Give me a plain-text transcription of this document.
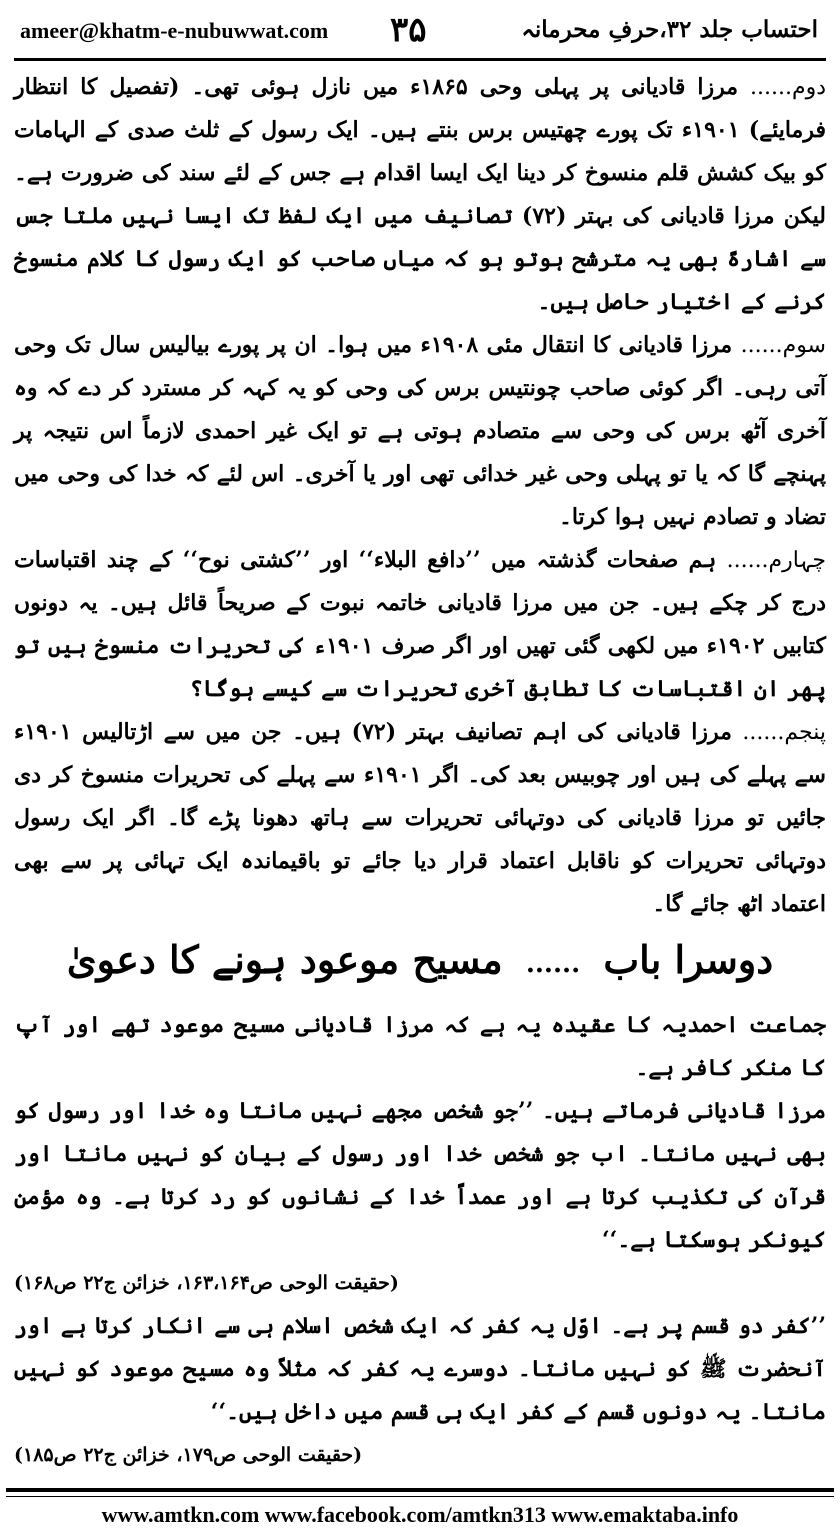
ameer@khatm-e-nubuwwat.com ۳۵	احتساب جلد ۳۲،حرفِ محرمانہ

دوم...... مرزا قادیانی پر پہلی وحی ۱۸۶۵ء میں نازل ہوئی تھی۔ (تفصیل کا انتظار فرمایئے) ۱۹۰۱ء تک پورے چھتیس برس بنتے ہیں۔ ایک رسول کے ثلث صدی کے الہامات کو بیک کشش قلم منسوخ کر دینا ایک ایسا اقدام ہے جس کے لئے سند کی ضرورت ہے۔ لیکن مرزا قادیانی کی بہتر (۷۲) تصانیف میں ایک لفظ تک ایسا نہیں ملتا جس سے اشارۃً بھی یہ مترشح ہوتو ہو کہ میاں صاحب کو ایک رسول کا کلام منسوخ کرنے کے اختیار حاصل ہیں۔

سوم...... مرزا قادیانی کا انتقال مئی ۱۹۰۸ء میں ہوا۔ ان پر پورے بیالیس سال تک وحی آتی رہی۔ اگر کوئی صاحب چونتیس برس کی وحی کو یہ کہہ کر مسترد کر دے کہ وہ آخری آٹھ برس کی وحی سے متصادم ہوتی ہے تو ایک غیر احمدی لازماً اس نتیجہ پر پہنچے گا کہ یا تو پہلی وحی غیر خدائی تھی اور یا آخری۔ اس لئے کہ خدا کی وحی میں تضاد و تصادم نہیں ہوا کرتا۔

چہارم...... ہم صفحات گذشتہ میں ’’دافع البلاء‘‘ اور ’’کشتی نوح‘‘ کے چند اقتباسات درج کر چکے ہیں۔ جن میں مرزا قادیانی خاتمہ نبوت کے صریحاً قائل ہیں۔ یہ دونوں کتابیں ۱۹۰۲ء میں لکھی گئی تھیں اور اگر صرف ۱۹۰۱ء کی تحریرات منسوخ ہیں تو پھر ان اقتباسات کا تطابق آخری تحریرات سے کیسے ہوگا؟

پنجم...... مرزا قادیانی کی اہم تصانیف بہتر (۷۲) ہیں۔ جن میں سے اڑتالیس ۱۹۰۱ء سے پہلے کی ہیں اور چوبیس بعد کی۔ اگر ۱۹۰۱ء سے پہلے کی تحریرات منسوخ کر دی جائیں تو مرزا قادیانی کی دوتہائی تحریرات سے ہاتھ دھونا پڑے گا۔ اگر ایک رسول دوتہائی تحریرات کو ناقابل اعتماد قرار دیا جائے تو باقیماندہ ایک تہائی پر سے بھی اعتماد اٹھ جائے گا۔

دوسرا باب ...... مسیح موعود ہونے کا دعویٰ

جماعت احمدیہ کا عقیدہ یہ ہے کہ مرزا قادیانی مسیح موعود تھے اور آپ کا منکر کافر ہے۔

مرزا قادیانی فرماتے ہیں۔ ’’جو شخص مجھے نہیں مانتا وہ خدا اور رسول کو بھی نہیں مانتا۔ اب جو شخص خدا اور رسول کے بیان کو نہیں مانتا اور قرآن کی تکذیب کرتا ہے اور عمداً خدا کے نشانوں کو رد کرتا ہے۔ وہ مؤمن کیونکر ہوسکتا ہے۔‘‘

(حقیقت الوحی ص۱۶۳،۱۶۴، خزائن ج۲۲ ص۱۶۸)

’’کفر دو قسم پر ہے۔ اوّل یہ کفر کہ ایک شخص اسلام ہی سے انکار کرتا ہے اور آنحضرت ﷺ کو نہیں مانتا۔ دوسرے یہ کفر کہ مثلاً وہ مسیح موعود کو نہیں مانتا۔ یہ دونوں قسم کے کفر ایک ہی قسم میں داخل ہیں۔‘‘

(حقیقت الوحی ص۱۷۹، خزائن ج۲۲ ص۱۸۵)
www.amtkn.com www.facebook.com/amtkn313 www.emaktaba.info
